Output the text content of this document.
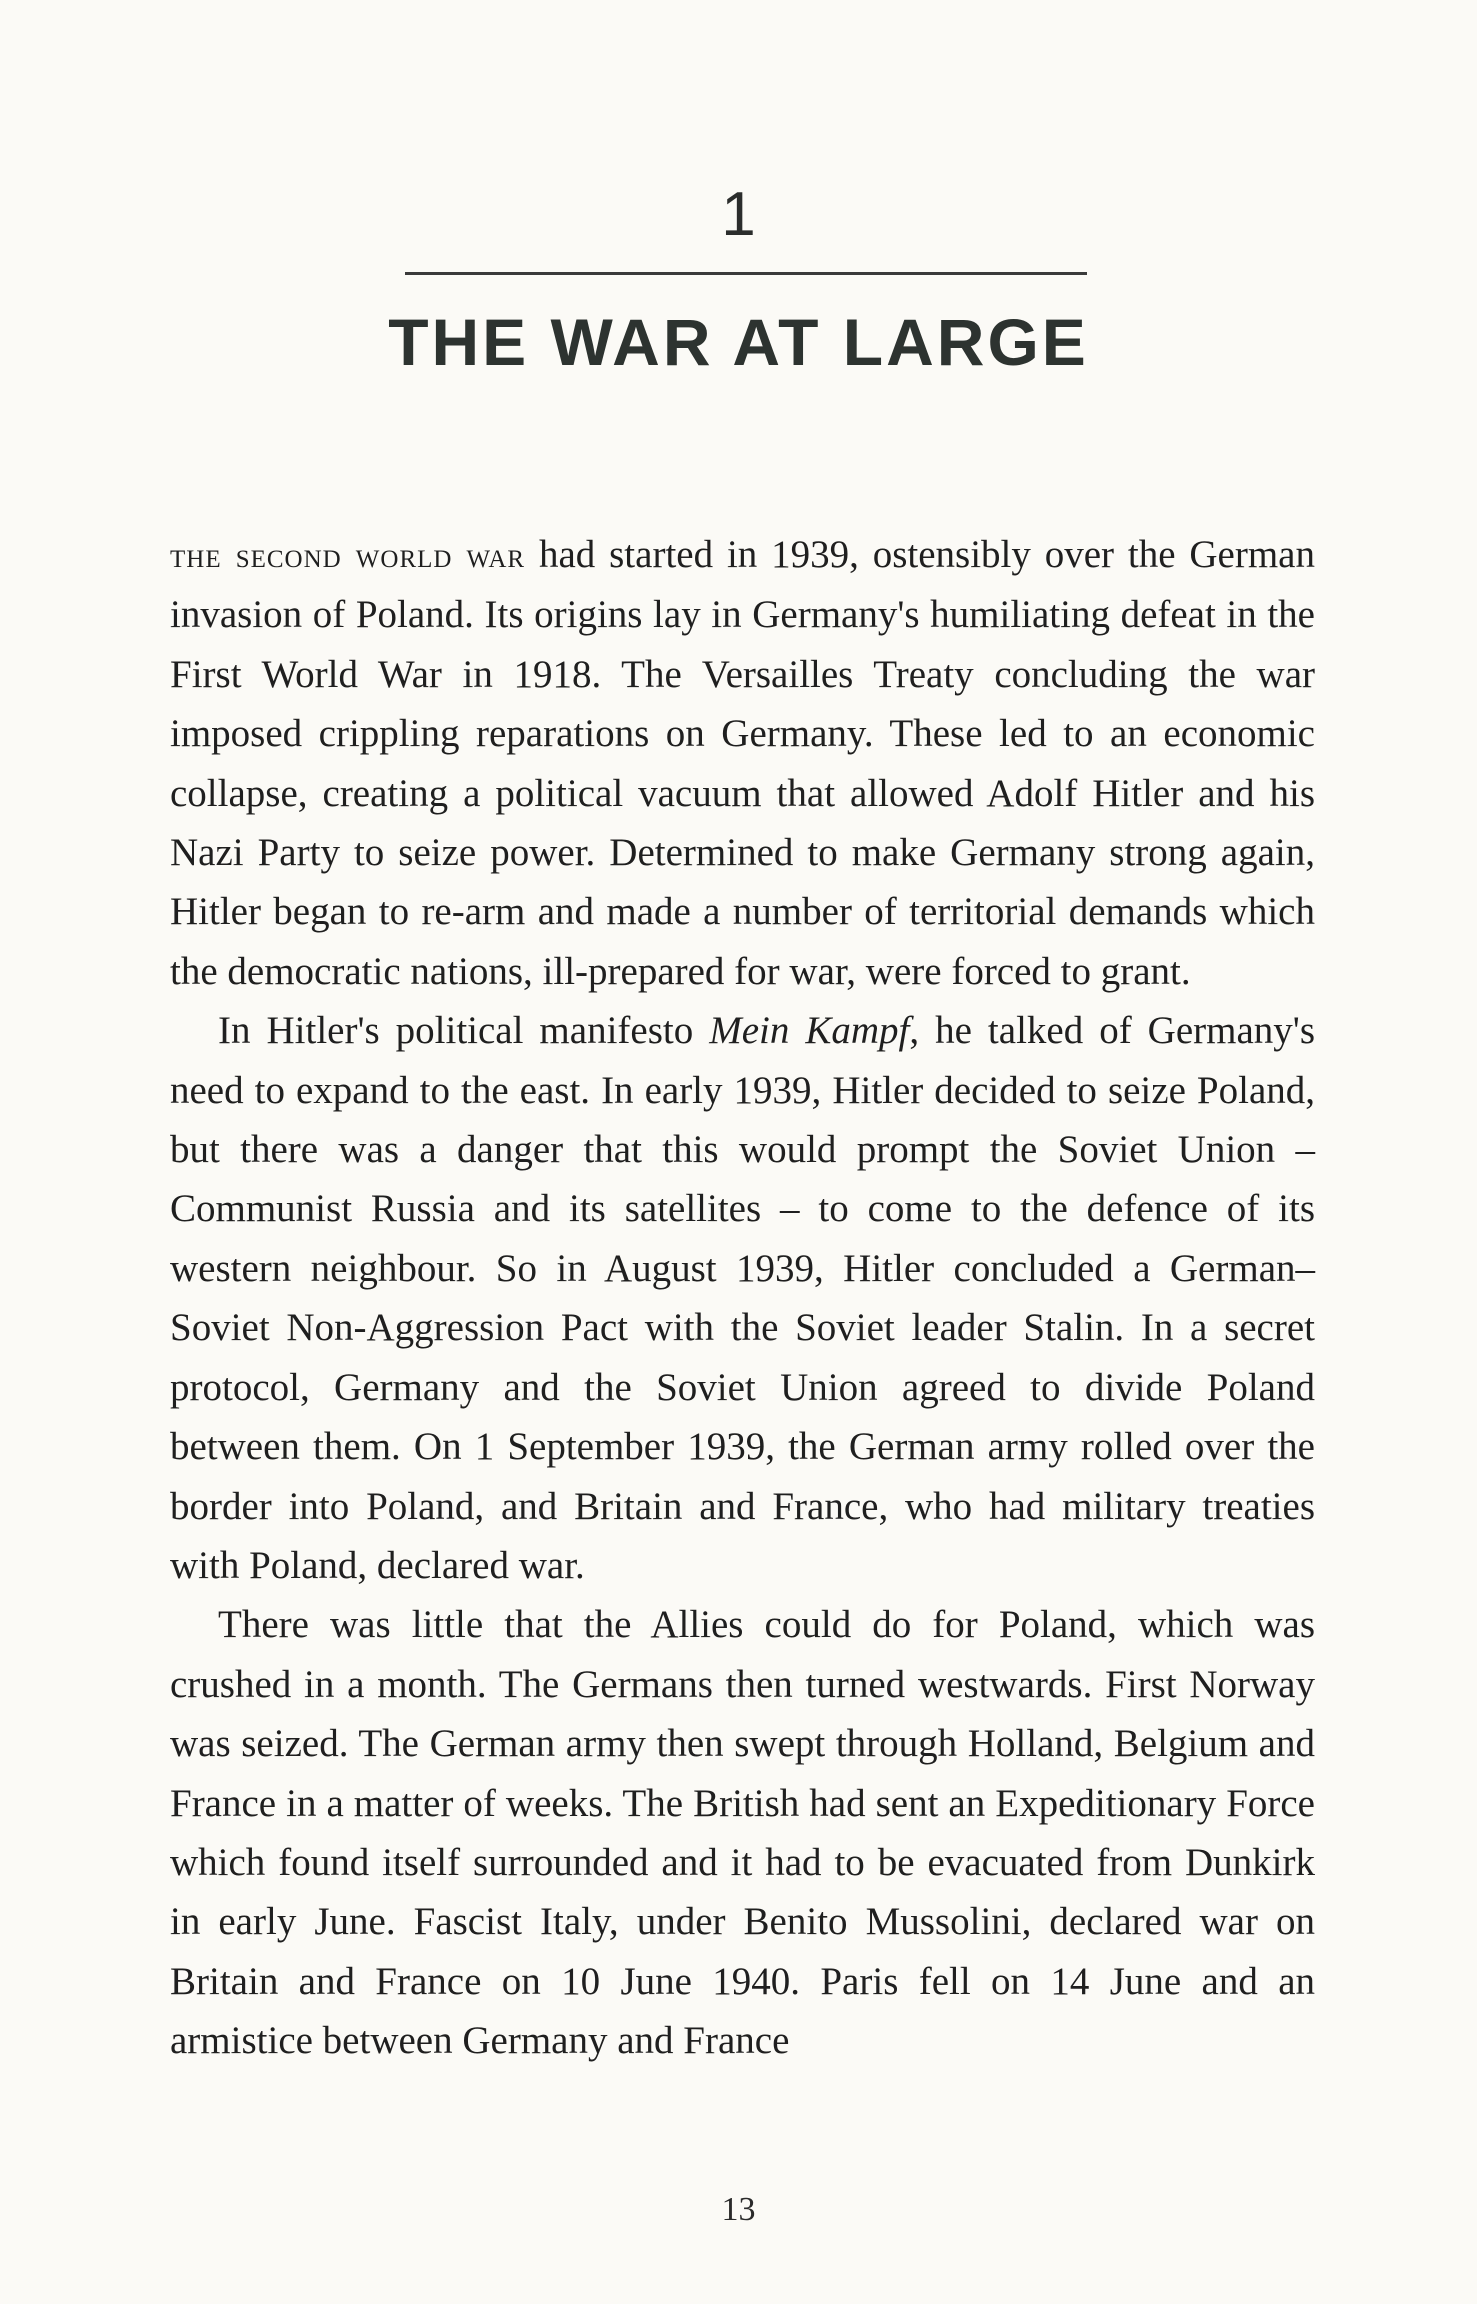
1
THE WAR AT LARGE

the second world war had started in 1939, ostensibly over the German invasion of Poland. Its origins lay in Germany's humiliating defeat in the First World War in 1918. The Versailles Treaty concluding the war imposed crippling reparations on Germany. These led to an economic collapse, creating a political vacuum that allowed Adolf Hitler and his Nazi Party to seize power. Determined to make Germany strong again, Hitler began to re-arm and made a number of territorial demands which the democratic nations, ill-​prepared for war, were forced to grant.

In Hitler's political manifesto Mein Kampf, he talked of Germany's need to expand to the east. In early 1939, Hitler decided to seize Poland, but there was a danger that this would prompt the Soviet Union – Communist Russia and its satellites – to come to the defence of its western neighbour. So in August 1939, Hitler concluded a German–Soviet Non-Aggression Pact with the Soviet leader Stalin. In a secret protocol, Germany and the Soviet Union agreed to divide Poland between them. On 1 September 1939, the German army rolled over the border into Poland, and Britain and France, who had military treaties with Poland, declared war.

There was little that the Allies could do for Poland, which was crushed in a month. The Germans then turned westwards. First Norway was seized. The German army then swept through Holland, Belgium and France in a matter of weeks. The British had sent an Expeditionary Force which found itself surrounded and it had to be evacuated from Dunkirk in early June. Fascist Italy, under Benito Mussolini, declared war on Britain and France on 10 June 1940. Paris fell on 14 June and an armistice between Germany and France

13
